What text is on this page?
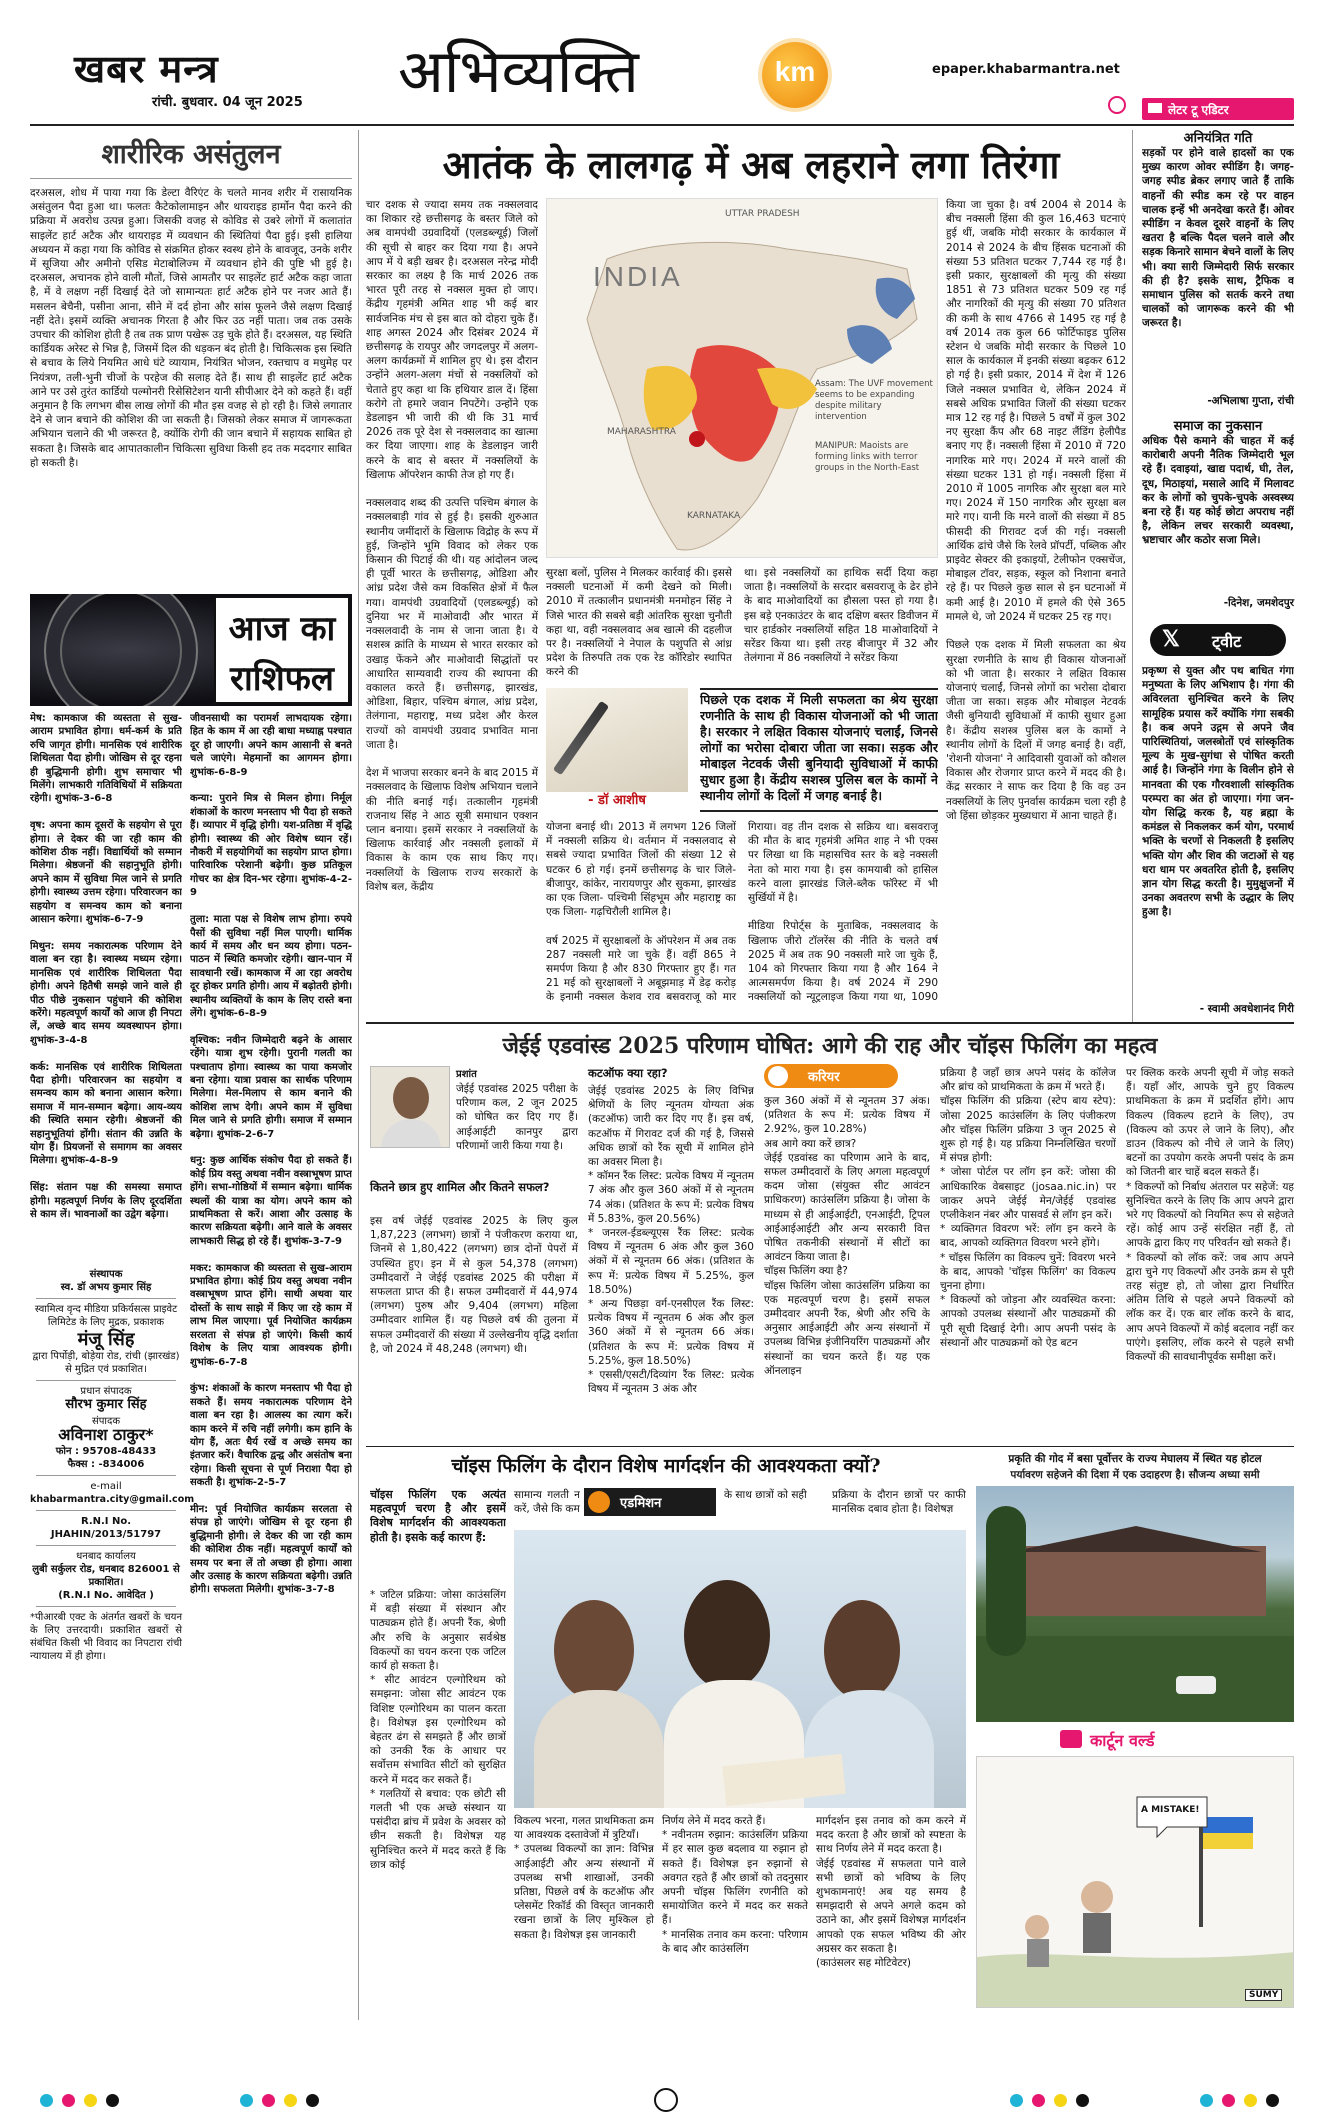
खबर मन्त्र
रांची. बुधवार. 04 जून 2025 अभिव्यक्ति	km	epaper.khabarmantra.net
शारीरिक असंतुलन
दरअसल, शोध में पाया गया कि डेल्टा वैरिएंट के चलते मानव शरीर में रासायनिक असंतुलन पैदा हुआ था। फलतः कैटेकोलामाइन और थायराइड हार्मोन पैदा करने की प्रक्रिया में अवरोध उत्पन्न हुआ। जिसकी वजह से कोविड से उबरे लोगों में कलातांत साइलेंट हार्ट अटैक और थायराइड में व्यवधान की स्थितियां पैदा हुई। इसी हालिया अध्ययन में कहा गया कि कोविड से संक्रमित होकर स्वस्थ होने के बावजूद, उनके शरीर में सूजिया और अमीनो एसिड मेटाबोलिज्म में व्यवधान होने की पुष्टि भी हुई है। दरअसल, अचानक होने वाली मौतों, जिसे आमतौर पर साइलेंट हार्ट अटैक कहा जाता है, में वे लक्षण नहीं दिखाई देते जो सामान्यतः हार्ट अटैक होने पर नजर आते हैं। मसलन बेचैनी, पसीना आना, सीने में दर्द होना और सांस फूलने जैसे लक्षण दिखाई नहीं देते। इसमें व्यक्ति अचानक गिरता है और फिर उठ नहीं पाता। जब तक उसके उपचार की कोशिश होती है तब तक प्राण पखेरू उड़ चुके होते हैं। दरअसल, यह स्थिति कार्डियक अरेस्ट से भिन्न है, जिसमें दिल की धड़कन बंद होती है। चिकित्सक इस स्थिति से बचाव के लिये नियमित आधे घंटे व्यायाम, नियंत्रित भोजन, रक्तचाप व मधुमेह पर नियंत्रण, तली-भुनी चीजों के परहेज की सलाह देते हैं। साथ ही साइलेंट हार्ट अटैक आने पर उसे तुरंत कार्डियो पल्मोनरी रिसेसिटेशन यानी सीपीआर देने को कहते हैं। वहीं अनुमान है कि लगभग बीस लाख लोगों की मौत इस वजह से हो रही है। जिसे लगातार देने से जान बचाने की कोशिश की जा सकती है। जिसको लेकर समाज में जागरूकता अभियान चलाने की भी जरूरत है, क्योंकि रोगी की जान बचाने में सहायक साबित हो सकता है। जिसके बाद आपातकालीन चिकित्सा सुविधा किसी हद तक मददगार साबित हो सकती है।
आज का
राशिफल
मेष: कामकाज की व्यस्तता से सुख-आराम प्रभावित होगा। धर्म-कर्म के प्रति रुचि जागृत होगी। मानसिक एवं शारीरिक शिथिलता पैदा होगी। जोखिम से दूर रहना ही बुद्धिमानी होगी। शुभ समाचार भी मिलेंगे। लाभकारी गतिविधियों में सक्रियता रहेगी। शुभांक-3-6-8

वृष: अपना काम दूसरों के सहयोग से पूरा होगा। ले देकर की जा रही काम की कोशिश ठीक नहीं। विद्यार्थियों को सम्मान मिलेगा। श्रेष्ठजनों की सहानुभूति होगी। अपने काम में सुविधा मिल जाने से प्रगति होगी। स्वास्थ्य उत्तम रहेगा। परिवारजन का सहयोग व समन्वय काम को बनाना आसान करेगा। शुभांक-6-7-9

मिथुन: समय नकारात्मक परिणाम देने वाला बन रहा है। स्वास्थ्य मध्यम रहेगा। मानसिक एवं शारीरिक शिथिलता पैदा होगी। अपने हितैषी समझे जाने वाले ही पीठ पीछे नुकसान पहुंचाने की कोशिश करेंगे। महत्वपूर्ण कार्यों को आज ही निपटा लें, अच्छे बाद समय व्यवस्थापन होगा। शुभांक-3-4-8

कर्क: मानसिक एवं शारीरिक शिथिलता पैदा होगी। परिवारजन का सहयोग व समन्वय काम को बनाना आसान करेगा। समाज में मान-सम्मान बढ़ेगा। आय-व्यय की स्थिति समान रहेगी। श्रेष्ठजनों की सहानुभूतियां होंगी। संतान की उन्नति के योग हैं। प्रियजनों से समागम का अवसर मिलेगा। शुभांक-4-8-9

सिंह: संतान पक्ष की समस्या समाप्त होगी। महत्वपूर्ण निर्णय के लिए दूरदर्शिता से काम लें। भावनाओं का उद्वेग बढ़ेगा।
जीवनसाथी का परामर्श लाभदायक रहेगा। हित के काम में आ रही बाधा मध्याह्न पश्चात दूर हो जाएगी। अपने काम आसानी से बनते चले जाएंगे। मेहमानों का आगमन होगा। शुभांक-6-8-9

कन्या: पुराने मित्र से मिलन होगा। निर्मूल शंकाओं के कारण मनस्ताप भी पैदा हो सकते हैं। व्यापार में वृद्धि होगी। यश-प्रतिष्ठा में वृद्धि होगी। स्वास्थ्य की ओर विशेष ध्यान रहें। नौकरी में सहयोगियों का सहयोग प्राप्त होगा। पारिवारिक परेशानी बढ़ेगी। कुछ प्रतिकूल गोचर का क्षेत्र दिन-भर रहेगा। शुभांक-4-2-9

तुला: माता पक्ष से विशेष लाभ होगा। रुपये पैसों की सुविधा नहीं मिल पाएगी। धार्मिक कार्य में समय और धन व्यय होगा। पठन-पाठन में स्थिति कमजोर रहेगी। खान-पान में सावधानी रखें। कामकाज में आ रहा अवरोध दूर होकर प्रगति होगी। आय में बढ़ोतरी होगी। स्थानीय व्यक्तियों के काम के लिए रास्ते बना लेंगे। शुभांक-6-8-9

वृश्चिक: नवीन जिम्मेदारी बढ़ने के आसार रहेंगे। यात्रा शुभ रहेगी। पुरानी गलती का पश्चाताप होगा। स्वास्थ्य का पाया कमजोर बना रहेगा। यात्रा प्रवास का सार्थक परिणाम मिलेगा। मेल-मिलाप से काम बनाने की कोशिश लाभ देगी। अपने काम में सुविधा मिल जाने से प्रगति होगी। समाज में सम्मान बढ़ेगा। शुभांक-2-6-7

धनु: कुछ आर्थिक संकोच पैदा हो सकते हैं। कोई प्रिय वस्तु अथवा नवीन वस्त्राभूषण प्राप्त होंगे। सभा-गोष्ठियों में सम्मान बढ़ेगा। धार्मिक स्थलों की यात्रा का योग। अपने काम को प्राथमिकता से करें। आशा और उत्साह के कारण सक्रियता बढ़ेगी। आने वाले के अवसर लाभकारी सिद्ध हो रहे हैं। शुभांक-3-7-9

मकर: कामकाज की व्यस्तता से सुख-आराम प्रभावित होगा। कोई प्रिय वस्तु अथवा नवीन वस्त्राभूषण प्राप्त होंगे। साथी अथवा यार दोस्तों के साथ साझे में किए जा रहे काम में लाभ मिल जाएगा। पूर्व नियोजित कार्यक्रम सरलता से संपन्न हो जाएंगे। किसी कार्य विशेष के लिए यात्रा आवश्यक होगी। शुभांक-6-7-8

कुंभ: शंकाओं के कारण मनस्ताप भी पैदा हो सकते हैं। समय नकारात्मक परिणाम देने वाला बन रहा है। आलस्य का त्याग करें। काम करने में रुचि नहीं लगेगी। कम हानि के योग हैं, अतः धैर्य रखें व अच्छे समय का इंतजार करें। वैचारिक द्वन्द्व और असंतोष बना रहेगा। किसी सूचना से पूर्ण निराशा पैदा हो सकती है। शुभांक-2-5-7

मीन: पूर्व नियोजित कार्यक्रम सरलता से संपन्न हो जाएंगे। जोखिम से दूर रहना ही बुद्धिमानी होगी। ले देकर की जा रही काम की कोशिश ठीक नहीं। महत्वपूर्ण कार्यों को समय पर बना लें तो अच्छा ही होगा। आशा और उत्साह के कारण सक्रियता बढ़ेगी। उन्नति होगी। सफलता मिलेगी। शुभांक-3-7-8
संस्थापक
स्व. डॉ अभय कुमार सिंह
स्वामित्व वृन्द मीडिया प्रकिर्यसत्स प्राइवेट लिमिटेड के लिए मुद्रक, प्रकाशक
मंजू सिंह
द्वारा पिर्पोड़ी, बोड़ेया रोड, रांची (झारखंड) से मुद्रित एवं प्रकाशित।
प्रधान संपादक
सौरभ कुमार सिंह
संपादक
अविनाश ठाकुर*
फोन : 95708-48433
फैक्स : -834006
e-mail
khabarmantra.city@gmail.com
R.N.I No. JHAHIN/2013/51797
धनबाद कार्यालय
लुबी सर्कुलर रोड, धनबाद 826001 से प्रकाशित।
(R.N.I No. आवेदित )
*पीआरबी एक्ट के अंतर्गत खबरों के चयन के लिए उत्तरदायी। प्रकाशित खबरों से संबंधित किसी भी विवाद का निपटारा रांची न्यायालय में ही होगा।
आतंक के लालगढ़ में अब लहराने लगा तिरंगा
चार दशक से ज्यादा समय तक नक्सलवाद का शिकार रहे छत्तीसगढ़ के बस्तर जिले को अब वामपंथी उग्रवादियों (एलडब्ल्यूई) जिलों की सूची से बाहर कर दिया गया है। अपने आप में ये बड़ी खबर है। दरअसल नरेन्द्र मोदी सरकार का लक्ष्य है कि मार्च 2026 तक भारत पूरी तरह से नक्सल मुक्त हो जाए। केंद्रीय गृहमंत्री अमित शाह भी कई बार सार्वजनिक मंच से इस बात को दोहरा चुके हैं। शाह अगस्त 2024 और दिसंबर 2024 में छत्तीसगढ़ के रायपुर और जगदलपुर में अलग-अलग कार्यक्रमों में शामिल हुए थे। इस दौरान उन्होंने अलग-अलग मंचों से नक्सलियों को चेताते हुए कहा था कि हथियार डाल दें। हिंसा करोगे तो हमारे जवान निपटेंगे। उन्होंने एक डेडलाइन भी जारी की थी कि 31 मार्च 2026 तक पूरे देश से नक्सलवाद का खात्मा कर दिया जाएगा। शाह के डेडलाइन जारी करने के बाद से बस्तर में नक्सलियों के खिलाफ ऑपरेशन काफी तेज हो गए हैं।

नक्सलवाद शब्द की उत्पत्ति पश्चिम बंगाल के नक्सलबाड़ी गांव से हुई है। इसकी शुरुआत स्थानीय जमींदारों के खिलाफ विद्रोह के रूप में हुई, जिन्होंने भूमि विवाद को लेकर एक किसान की पिटाई की थी। यह आंदोलन जल्द ही पूर्वी भारत के छत्तीसगढ़, ओडिशा और आंध्र प्रदेश जैसे कम विकसित क्षेत्रों में फैल गया। वामपंथी उग्रवादियों (एलडब्ल्यूई) को दुनिया भर में माओवादी और भारत में नक्सलवादी के नाम से जाना जाता है। ये सशस्त्र क्रांति के माध्यम से भारत सरकार को उखाड़ फेंकने और माओवादी सिद्धांतों पर आधारित साम्यवादी राज्य की स्थापना की वकालत करते हैं। छत्तीसगढ़, झारखंड, ओडिशा, बिहार, पश्चिम बंगाल, आंध्र प्रदेश, तेलंगाना, महाराष्ट्र, मध्य प्रदेश और केरल राज्यों को वामपंथी उग्रवाद प्रभावित माना जाता है।

देश में भाजपा सरकार बनने के बाद 2015 में नक्सलवाद के खिलाफ विशेष अभियान चलाने की नीति बनाई गई। तत्कालीन गृहमंत्री राजनाथ सिंह ने आठ सूत्री समाधान एक्शन प्लान बनाया। इसमें सरकार ने नक्सलियों के खिलाफ कार्रवाई और नक्सली इलाकों में विकास के काम एक साथ किए गए। नक्सलियों के खिलाफ राज्य सरकारों के विशेष बल, केंद्रीय
INDIA
UTTAR PRADESH
MAHARASHTRA
KARNATAKA
Assam: The UVF movement seems to be expanding despite military intervention
MANIPUR: Maoists are forming links with terror groups in the North-East
सुरक्षा बलों, पुलिस ने मिलकर कार्रवाई की। इससे नक्सली घटनाओं में कमी देखने को मिली। 2010 में तत्कालीन प्रधानमंत्री मनमोहन सिंह ने जिसे भारत की सबसे बड़ी आंतरिक सुरक्षा चुनौती कहा था, वही नक्सलवाद अब खात्मे की दहलीज पर है। नक्सलियों ने नेपाल के पशुपति से आंध्र प्रदेश के तिरुपति तक एक रेड कॉरिडोर स्थापित करने की
था। इसे नक्सलियों का हाथिक सर्दी दिया कहा जाता है। नक्सलियों के सरदार बसवराजू के ढेर होने के बाद माओवादियों का हौसला पस्त हो गया है। इस बड़े एनकाउंटर के बाद दक्षिण बस्तर डिवीजन में चार हार्डकोर नक्सलियों सहित 18 माओवादियों ने सरेंडर किया था। इसी तरह बीजापुर में 32 और तेलंगाना में 86 नक्सलियों ने सरेंडर किया
- डॉ आशीष
पिछले एक दशक में मिली सफलता का श्रेय सुरक्षा रणनीति के साथ ही विकास योजनाओं को भी जाता है। सरकार ने लक्षित विकास योजनाएं चलाईं, जिनसे लोगों का भरोसा दोबारा जीता जा सका। सड़क और मोबाइल नेटवर्क जैसी बुनियादी सुविधाओं में काफी सुधार हुआ है। केंद्रीय सशस्त्र पुलिस बल के कामों ने स्थानीय लोगों के दिलों में जगह बनाई है।
योजना बनाई थी। 2013 में लगभग 126 जिलों में नक्सली सक्रिय थे। वर्तमान में नक्सलवाद से सबसे ज्यादा प्रभावित जिलों की संख्या 12 से घटकर 6 हो गई। इनमें छत्तीसगढ़ के चार जिले- बीजापुर, कांकेर, नारायणपुर और सुकमा, झारखंड का एक जिला- पश्चिमी सिंहभूम और महाराष्ट्र का एक जिला- गढ़चिरौली शामिल है।

वर्ष 2025 में सुरक्षाबलों के ऑपरेशन में अब तक 287 नक्सली मारे जा चुके हैं। वहीं 865 ने समर्पण किया है और 830 गिरफ्तार हुए हैं। गत 21 मई को सुरक्षाबलों ने अबूझमाड़ में डेढ़ करोड़ के इनामी नक्सल केशव राव बसवराजू को मार गिराया। वह तीन दशक से सक्रिय था। बसवराजू की मौत के बाद गृहमंत्री अमित शाह ने भी एक्स पर लिखा था कि महासचिव स्तर के बड़े नक्सली नेता को मारा गया है। इस कामयाबी को हासिल करने वाला झारखंड जिले-ब्लैक फॉरेस्ट में भी सुर्खियों में है।

मीडिया रिपोर्ट्स के मुताबिक, नक्सलवाद के खिलाफ जीरो टॉलरेंस की नीति के चलते वर्ष 2025 में अब तक 90 नक्सली मारे जा चुके हैं, 104 को गिरफ्तार किया गया है और 164 ने आत्मसमर्पण किया है। वर्ष 2024 में 290 नक्सलियों को न्यूट्रलाइज किया गया था, 1090
किया जा चुका है। वर्ष 2004 से 2014 के बीच नक्सली हिंसा की कुल 16,463 घटनाएं हुई थीं, जबकि मोदी सरकार के कार्यकाल में 2014 से 2024 के बीच हिंसक घटनाओं की संख्या 53 प्रतिशत घटकर 7,744 रह गई है। इसी प्रकार, सुरक्षाबलों की मृत्यु की संख्या 1851 से 73 प्रतिशत घटकर 509 रह गई और नागरिकों की मृत्यु की संख्या 70 प्रतिशत की कमी के साथ 4766 से 1495 रह गई है वर्ष 2014 तक कुल 66 फोर्टिफाइड पुलिस स्टेशन थे जबकि मोदी सरकार के पिछले 10 साल के कार्यकाल में इनकी संख्या बढ़कर 612 हो गई है। इसी प्रकार, 2014 में देश में 126 जिले नक्सल प्रभावित थे, लेकिन 2024 में सबसे अधिक प्रभावित जिलों की संख्या घटकर मात्र 12 रह गई है। पिछले 5 वर्षों में कुल 302 नए सुरक्षा कैंप और 68 नाइट लैंडिंग हेलीपैड बनाए गए हैं। नक्सली हिंसा में 2010 में 720 नागरिक मारे गए। 2024 में मरने वालों की संख्या घटकर 131 हो गई। नक्सली हिंसा में 2010 में 1005 नागरिक और सुरक्षा बल मारे गए। 2024 में 150 नागरिक और सुरक्षा बल मारे गए। यानी कि मरने वालों की संख्या में 85 फीसदी की गिरावट दर्ज की गई। नक्सली आर्थिक ढांचे जैसे कि रेलवे प्रॉपर्टी, पब्लिक और प्राइवेट सेक्टर की इकाइयों, टेलीफोन एक्सचेंज, मोबाइल टॉवर, सड़क, स्कूल को निशाना बनाते रहे हैं। पर पिछले कुछ साल से इन घटनाओं में कमी आई है। 2010 में हमले की ऐसे 365 मामले थे, जो 2024 में घटकर 25 रह गए।

पिछले एक दशक में मिली सफलता का श्रेय सुरक्षा रणनीति के साथ ही विकास योजनाओं को भी जाता है। सरकार ने लक्षित विकास योजनाएं चलाईं, जिनसे लोगों का भरोसा दोबारा जीता जा सका। सड़क और मोबाइल नेटवर्क जैसी बुनियादी सुविधाओं में काफी सुधार हुआ है। केंद्रीय सशस्त्र पुलिस बल के कामों ने स्थानीय लोगों के दिलों में जगह बनाई है। वहीं, 'रोशनी योजना' ने आदिवासी युवाओं को कौशल विकास और रोजगार प्राप्त करने में मदद की है। केंद्र सरकार ने साफ कर दिया है कि वह उन नक्सलियों के लिए पुनर्वास कार्यक्रम चला रही है जो हिंसा छोड़कर मुख्यधारा में आना चाहते हैं।
लेटर टू एडिटर
अनियंत्रित गति
सड़कों पर होने वाले हादसों का एक मुख्य कारण ओवर स्पीडिंग है। जगह-जगह स्पीड ब्रेकर लगाए जाते हैं ताकि वाहनों की स्पीड कम रहे पर वाहन चालक इन्हें भी अनदेखा करते हैं। ओवर स्पीडिंग न केवल दूसरे वाहनों के लिए खतरा है बल्कि पैदल चलने वाले और सड़क किनारे सामान बेचने वालों के लिए भी। क्या सारी जिम्मेदारी सिर्फ सरकार की ही है? इसके साथ, ट्रैफिक व समाधान पुलिस को सतर्क करने तथा चालकों को जागरूक करने की भी जरूरत है।
-अभिलाषा गुप्ता, रांची
समाज का नुकसान
अधिक पैसे कमाने की चाहत में कई कारोबारी अपनी नैतिक जिम्मेदारी भूल रहे हैं। दवाइयां, खाद्य पदार्थ, घी, तेल, दूध, मिठाइयां, मसाले आदि में मिलावट कर के लोगों को चुपके-चुपके अस्वस्थ्य बना रहे हैं। यह कोई छोटा अपराध नहीं है, लेकिन लचर सरकारी व्यवस्था, भ्रष्टाचार और कठोर सजा मिले।
-दिनेश, जमशेदपुर
𝕏 ट्वीट
प्रकृष्ण से युक्त और पथ बाधित गंगा मनुष्यता के लिए अभिशाप है। गंगा की अविरलता सुनिश्चित करने के लिए सामूहिक प्रयास करें क्योंकि गंगा सबकी है। कब अपने उद्गम से अपने जैव पारिस्थितियां, जलस्त्रोतों एवं सांस्कृतिक मूल्य के मुख-सुगंधा से पोषित करती आई है। जिन्होंने गंगा के विलीन होने से मानवता की एक गौरवशाली सांस्कृतिक परम्परा का अंत हो जाएगा। गंगा जन-योग सिद्धि करक है, यह ब्रह्मा के कमंडल से निकलकर कर्म योग, परमार्थ भक्ति के चरणों से निकलती है इसलिए भक्ति योग और शिव की जटाओं से यह धरा धाम पर अवतरित होती है, इसलिए ज्ञान योग सिद्ध करती है। मुमुक्षुजनों में उनका अवतरण सभी के उद्धार के लिए हुआ है।
- स्वामी अवधेशानंद गिरी
जेईई एडवांस्ड 2025 परिणाम घोषित: आगे की राह और चॉइस फिलिंग का महत्व
प्रशांत
जेईई एडवांस्ड 2025 परीक्षा के परिणाम कल, 2 जून 2025 को घोषित कर दिए गए हैं। आईआईटी कानपुर द्वारा परिणामों जारी किया गया है।
कितने छात्र हुए शामिल और कितने सफल?
इस वर्ष जेईई एडवांस्ड 2025 के लिए कुल 1,87,223 (लगभग) छात्रों ने पंजीकरण कराया था, जिनमें से 1,80,422 (लगभग) छात्र दोनों पेपरों में उपस्थित हुए। इन में से कुल 54,378 (लगभग) उम्मीदवारों ने जेईई एडवांस्ड 2025 की परीक्षा में सफलता प्राप्त की है। सफल उम्मीदवारों में 44,974 (लगभग) पुरुष और 9,404 (लगभग) महिला उम्मीदवार शामिल हैं। यह पिछले वर्ष की तुलना में सफल उम्मीदवारों की संख्या में उल्लेखनीय वृद्धि दर्शाता है, जो 2024 में 48,248 (लगभग) थी।
कटऑफ क्या रहा?
जेईई एडवांस्ड 2025 के लिए विभिन्न श्रेणियों के लिए न्यूनतम योग्यता अंक (कटऑफ) जारी कर दिए गए हैं। इस वर्ष, कटऑफ में गिरावट दर्ज की गई है, जिससे अधिक छात्रों को रैंक सूची में शामिल होने का अवसर मिला है।
* कॉमन रैंक लिस्ट: प्रत्येक विषय में न्यूनतम 7 अंक और कुल 360 अंकों में से न्यूनतम 74 अंक। (प्रतिशत के रूप में: प्रत्येक विषय में 5.83%, कुल 20.56%)
* जनरल-ईडब्ल्यूएस रैंक लिस्ट: प्रत्येक विषय में न्यूनतम 6 अंक और कुल 360 अंकों में से न्यूनतम 66 अंक। (प्रतिशत के रूप में: प्रत्येक विषय में 5.25%, कुल 18.50%)
* अन्य पिछड़ा वर्ग-एनसीएल रैंक लिस्ट: प्रत्येक विषय में न्यूनतम 6 अंक और कुल 360 अंकों में से न्यूनतम 66 अंक। (प्रतिशत के रूप में: प्रत्येक विषय में 5.25%, कुल 18.50%)
* एससी/एसटी/दिव्यांग रैंक लिस्ट: प्रत्येक विषय में न्यूनतम 3 अंक और
करियर
कुल 360 अंकों में से न्यूनतम 37 अंक। (प्रतिशत के रूप में: प्रत्येक विषय में 2.92%, कुल 10.28%)
अब आगे क्या करें छात्र?
जेईई एडवांस्ड का परिणाम आने के बाद, सफल उम्मीदवारों के लिए अगला महत्वपूर्ण कदम जोसा (संयुक्त सीट आवंटन प्राधिकरण) काउंसलिंग प्रक्रिया है। जोसा के माध्यम से ही आईआईटी, एनआईटी, ट्रिपल आईआईआईटी और अन्य सरकारी वित्त पोषित तकनीकी संस्थानों में सीटों का आवंटन किया जाता है।
चॉइस फिलिंग क्या है?
चॉइस फिलिंग जोसा काउंसलिंग प्रक्रिया का एक महत्वपूर्ण चरण है। इसमें सफल उम्मीदवार अपनी रैंक, श्रेणी और रुचि के अनुसार आईआईटी और अन्य संस्थानों में उपलब्ध विभिन्न इंजीनियरिंग पाठ्यक्रमों और संस्थानों का चयन करते हैं। यह एक ऑनलाइन
प्रक्रिया है जहाँ छात्र अपने पसंद के कॉलेज और ब्रांच को प्राथमिकता के क्रम में भरते हैं।
चॉइस फिलिंग की प्रक्रिया (स्टेप बाय स्टेप): जोसा 2025 काउंसलिंग के लिए पंजीकरण और चॉइस फिलिंग प्रक्रिया 3 जून 2025 से शुरू हो गई है। यह प्रक्रिया निम्नलिखित चरणों में संपन्न होगी:
* जोसा पोर्टल पर लॉग इन करें: जोसा की आधिकारिक वेबसाइट (josaa.nic.in) पर जाकर अपने जेईई मेन/जेईई एडवांस्ड एप्लीकेशन नंबर और पासवर्ड से लॉग इन करें।
* व्यक्तिगत विवरण भरें: लॉग इन करने के बाद, आपको व्यक्तिगत विवरण भरने होंगे।
* चॉइस फिलिंग का विकल्प चुनें: विवरण भरने के बाद, आपको 'चॉइस फिलिंग' का विकल्प चुनना होगा।
* विकल्पों को जोड़ना और व्यवस्थित करना: आपको उपलब्ध संस्थानों और पाठ्यक्रमों की पूरी सूची दिखाई देगी। आप अपनी पसंद के संस्थानों और पाठ्यक्रमों को ऐड बटन
पर क्लिक करके अपनी सूची में जोड़ सकते हैं। यहाँ ऑर, आपके चुने हुए विकल्प प्राथमिकता के क्रम में प्रदर्शित होंगे। आप विकल्प (विकल्प हटाने के लिए), उप (विकल्प को ऊपर ले जाने के लिए), और डाउन (विकल्प को नीचे ले जाने के लिए) बटनों का उपयोग करके अपनी पसंद के क्रम को जितनी बार चाहें बदल सकते हैं।
* विकल्पों को निर्बाध अंतराल पर सहेजें: यह सुनिश्चित करने के लिए कि आप अपने द्वारा भरे गए विकल्पों को नियमित रूप से सहेजते रहें। कोई आप उन्हें संरक्षित नहीं हैं, तो आपके द्वारा किए गए परिवर्तन खो सकते हैं।
* विकल्पों को लॉक करें: जब आप अपने द्वारा चुने गए विकल्पों और उनके क्रम से पूरी तरह संतुष्ट हो, तो जोसा द्वारा निर्धारित अंतिम तिथि से पहले अपने विकल्पों को लॉक कर दें। एक बार लॉक करने के बाद, आप अपने विकल्पों में कोई बदलाव नहीं कर पाएंगे। इसलिए, लॉक करने से पहले सभी विकल्पों की सावधानीपूर्वक समीक्षा करें।
चॉइस फिलिंग के दौरान विशेष मार्गदर्शन की आवश्यकता क्यों?
चॉइस फिलिंग एक अत्यंत महत्वपूर्ण चरण है और इसमें विशेष मार्गदर्शन की आवश्यकता होती है। इसके कई कारण हैं:
* जटिल प्रक्रिया: जोसा काउंसलिंग में बड़ी संख्या में संस्थान और पाठ्यक्रम होते हैं। अपनी रैंक, श्रेणी और रुचि के अनुसार सर्वश्रेष्ठ विकल्पों का चयन करना एक जटिल कार्य हो सकता है।
* सीट आवंटन एल्गोरिथम को समझना: जोसा सीट आवंटन एक विशिष्ट एल्गोरिथम का पालन करता है। विशेषज्ञ इस एल्गोरिथम को बेहतर ढंग से समझते हैं और छात्रों को उनकी रैंक के आधार पर सर्वोत्तम संभावित सीटों को सुरक्षित करने में मदद कर सकते हैं।
* गलतियों से बचाव: एक छोटी सी गलती भी एक अच्छे संस्थान या पसंदीदा ब्रांच में प्रवेश के अवसर को छीन सकती है। विशेषज्ञ यह सुनिश्चित करने में मदद करते हैं कि छात्र कोई
एडमिशन
सामान्य गलती न करें, जैसे कि कम
के साथ छात्रों को सही	प्रक्रिया के दौरान छात्रों पर काफी मानसिक दबाव होता है। विशेषज्ञ
विकल्प भरना, गलत प्राथमिकता क्रम या आवश्यक दस्तावेजों में त्रुटियाँ।
* उपलब्ध विकल्पों का ज्ञान: विभिन्न आईआईटी और अन्य संस्थानों में उपलब्ध सभी शाखाओं, उनकी प्रतिष्ठा, पिछले वर्ष के कटऑफ और प्लेसमेंट रिकॉर्ड की विस्तृत जानकारी रखना छात्रों के लिए मुश्किल हो सकता है। विशेषज्ञ इस जानकारी
निर्णय लेने में मदद करते हैं।
* नवीनतम रुझान: काउंसलिंग प्रक्रिया में हर साल कुछ बदलाव या रुझान हो सकते हैं। विशेषज्ञ इन रुझानों से अवगत रहते हैं और छात्रों को तदनुसार अपनी चॉइस फिलिंग रणनीति को समायोजित करने में मदद कर सकते हैं।
* मानसिक तनाव कम करना: परिणाम के बाद और काउंसलिंग
मार्गदर्शन इस तनाव को कम करने में मदद करता है और छात्रों को स्पष्टता के साथ निर्णय लेने में मदद करता है।
जेईई एडवांस्ड में सफलता पाने वाले सभी छात्रों को भविष्य के लिए शुभकामनाएं! अब यह समय है समझदारी से अपने अगले कदम को उठाने का, और इसमें विशेषज्ञ मार्गदर्शन आपको एक सफल भविष्य की ओर अग्रसर कर सकता है।
(काउंसलर सह मोटिवेटर)
प्रकृति की गोद में बसा पूर्वोत्तर के राज्य मेघालय में स्थित यह होटल
पर्यावरण सहेजने की दिशा में एक उदाहरण है। सौजन्य अध्या समी
कार्टून वर्ल्ड
A MISTAKE!
SUMY
